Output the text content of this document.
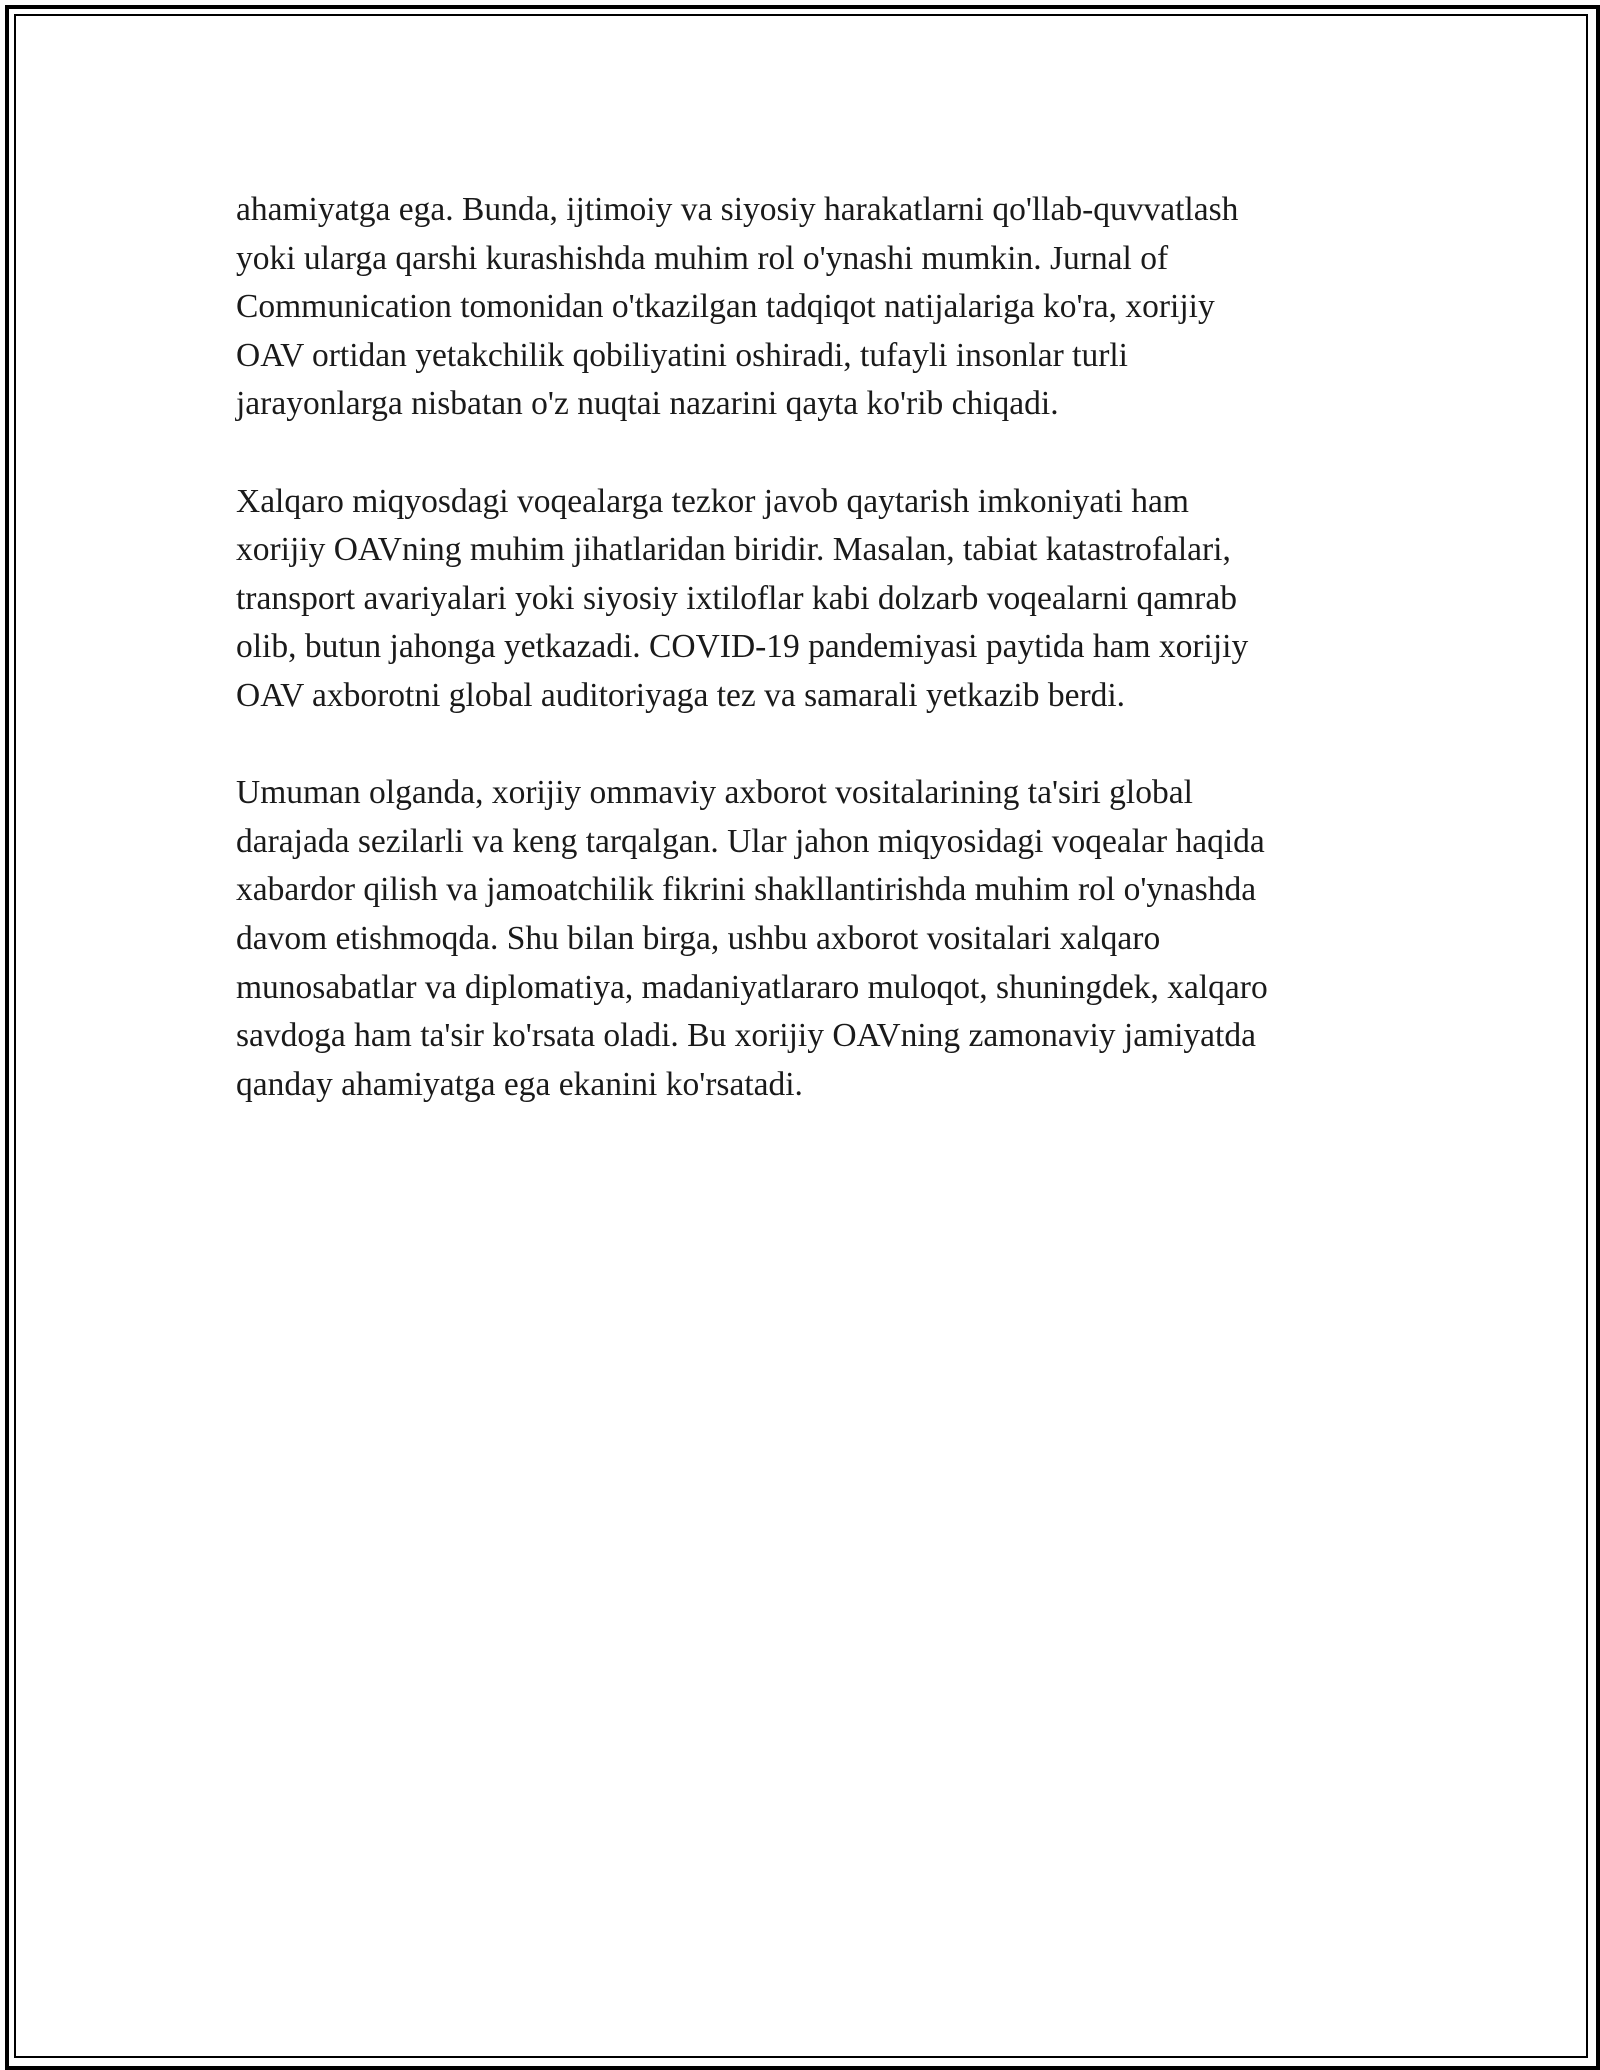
ahamiyatga ega. Bunda, ijtimoiy va siyosiy harakatlarni qo'llab-quvvatlash
yoki ularga qarshi kurashishda muhim rol o'ynashi mumkin. Jurnal of
Communication tomonidan o'tkazilgan tadqiqot natijalariga ko'ra, xorijiy
OAV ortidan yetakchilik qobiliyatini oshiradi, tufayli insonlar turli
jarayonlarga nisbatan o'z nuqtai nazarini qayta ko'rib chiqadi.

Xalqaro miqyosdagi voqealarga tezkor javob qaytarish imkoniyati ham
xorijiy OAVning muhim jihatlaridan biridir. Masalan, tabiat katastrofalari,
transport avariyalari yoki siyosiy ixtiloflar kabi dolzarb voqealarni qamrab
olib, butun jahonga yetkazadi. COVID-19 pandemiyasi paytida ham xorijiy
OAV axborotni global auditoriyaga tez va samarali yetkazib berdi.

Umuman olganda, xorijiy ommaviy axborot vositalarining ta'siri global
darajada sezilarli va keng tarqalgan. Ular jahon miqyosidagi voqealar haqida
xabardor qilish va jamoatchilik fikrini shakllantirishda muhim rol o'ynashda
davom etishmoqda. Shu bilan birga, ushbu axborot vositalari xalqaro
munosabatlar va diplomatiya, madaniyatlararo muloqot, shuningdek, xalqaro
savdoga ham ta'sir ko'rsata oladi. Bu xorijiy OAVning zamonaviy jamiyatda
qanday ahamiyatga ega ekanini ko'rsatadi.
